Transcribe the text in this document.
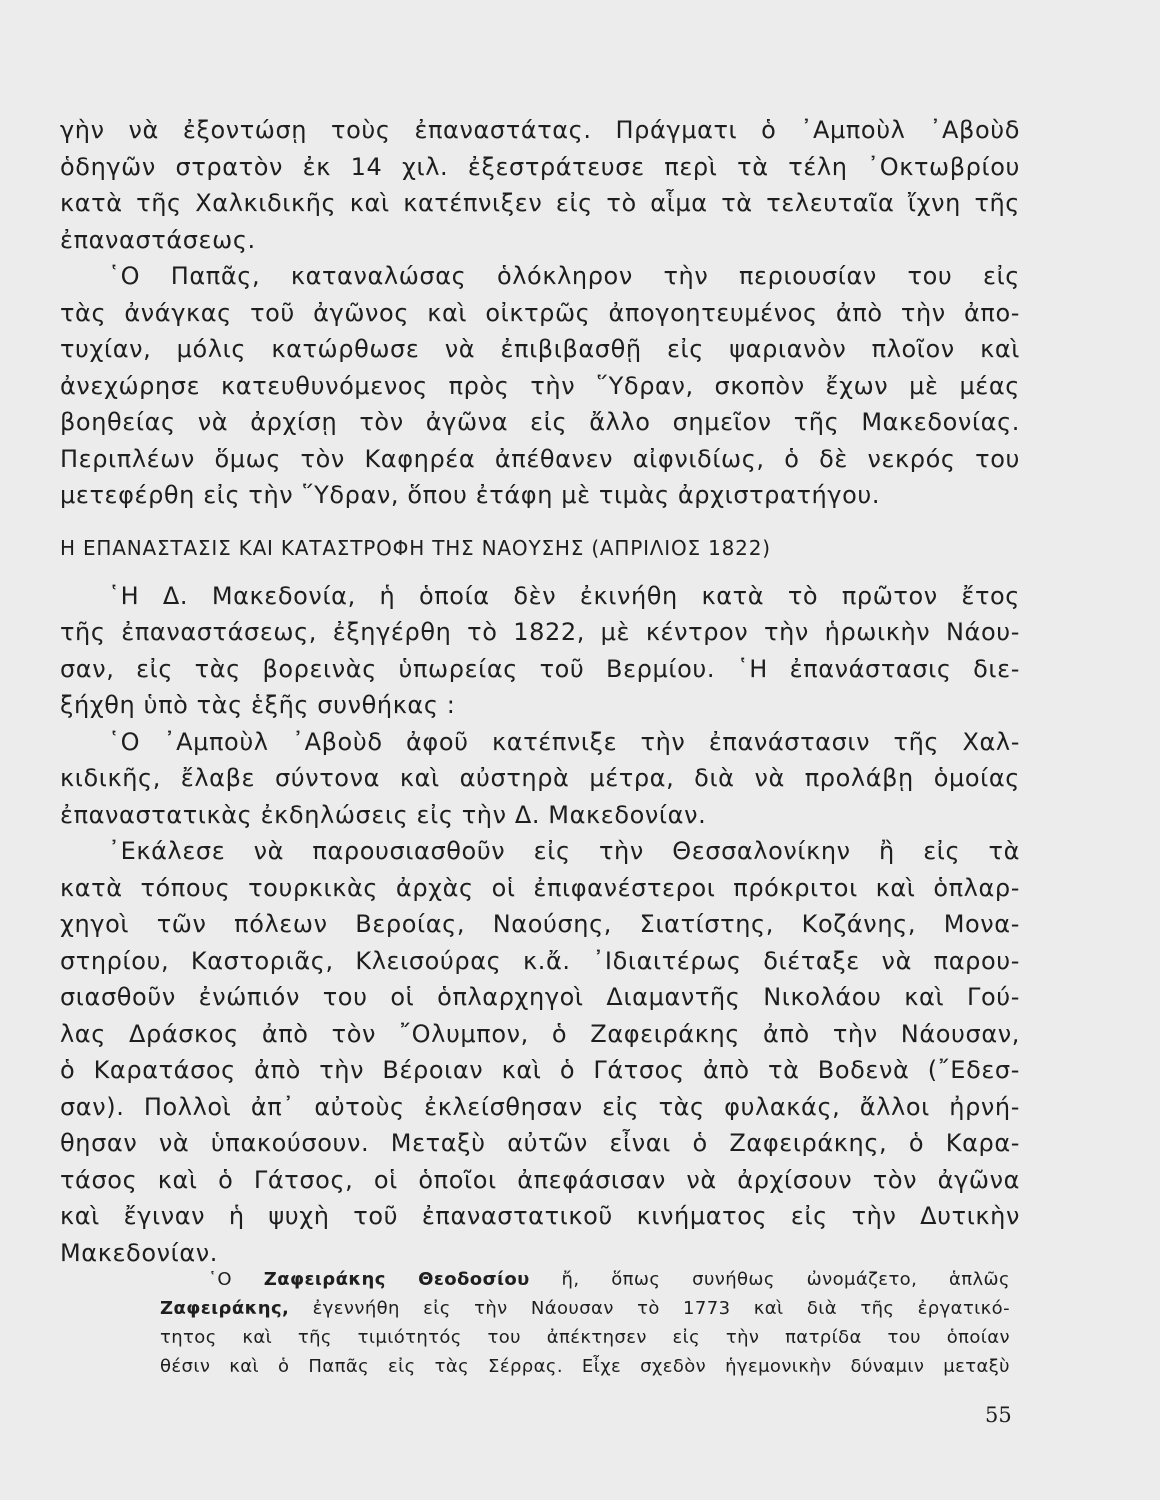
γὴν νὰ ἐξοντώσῃ τοὺς ἐπαναστάτας. Πράγματι ὁ ᾿Αμποὺλ ᾿Αβοὺδ
ὁδηγῶν στρατὸν ἐκ 14 χιλ. ἐξεστράτευσε περὶ τὰ τέλη ᾿Οκτωβρίου
κατὰ τῆς Χαλκιδικῆς καὶ κατέπνιξεν εἰς τὸ αἷμα τὰ τελευταῖα ἴχνη τῆς
ἐπαναστάσεως.
῾Ο Παπᾶς, καταναλώσας ὁλόκληρον τὴν περιουσίαν του εἰς
τὰς ἀνάγκας τοῦ ἀγῶνος καὶ οἰκτρῶς ἀπογοητευμένος ἀπὸ τὴν ἀπο-
τυχίαν, μόλις κατώρθωσε νὰ ἐπιβιβασθῇ εἰς ψαριανὸν πλοῖον καὶ
ἀνεχώρησε κατευθυνόμενος πρὸς τὴν ῞Υδραν, σκοπὸν ἔχων μὲ μέας
βοηθείας νὰ ἀρχίσῃ τὸν ἀγῶνα εἰς ἄλλο σημεῖον τῆς Μακεδονίας.
Περιπλέων ὅμως τὸν Καφηρέα ἀπέθανεν αἰφνιδίως, ὁ δὲ νεκρός του
μετεφέρθη εἰς τὴν ῞Υδραν, ὅπου ἐτάφη μὲ τιμὰς ἀρχιστρατήγου.
Η ΕΠΑΝΑΣΤΑΣΙΣ ΚΑΙ ΚΑΤΑΣΤΡΟΦΗ ΤΗΣ ΝΑΟΥΣΗΣ (ΑΠΡΙΛΙΟΣ 1822)
῾Η Δ. Μακεδονία, ἡ ὁποία δὲν ἐκινήθη κατὰ τὸ πρῶτον ἔτος
τῆς ἐπαναστάσεως, ἐξηγέρθη τὸ 1822, μὲ κέντρον τὴν ἡρωικὴν Νάου-
σαν, εἰς τὰς βορεινὰς ὑπωρείας τοῦ Βερμίου. ῾Η ἐπανάστασις διε-
ξήχθη ὑπὸ τὰς ἑξῆς συνθήκας :
῾Ο ᾿Αμποὺλ ᾿Αβοὺδ ἀφοῦ κατέπνιξε τὴν ἐπανάστασιν τῆς Χαλ-
κιδικῆς, ἔλαβε σύντονα καὶ αὐστηρὰ μέτρα, διὰ νὰ προλάβῃ ὁμοίας
ἐπαναστατικὰς ἐκδηλώσεις εἰς τὴν Δ. Μακεδονίαν.
᾿Εκάλεσε νὰ παρουσιασθοῦν εἰς τὴν Θεσσαλονίκην ἢ εἰς τὰ
κατὰ τόπους τουρκικὰς ἀρχὰς οἱ ἐπιφανέστεροι πρόκριτοι καὶ ὁπλαρ-
χηγοὶ τῶν πόλεων Βεροίας, Ναούσης, Σιατίστης, Κοζάνης, Μονα-
στηρίου, Καστοριᾶς, Κλεισούρας κ.ἄ. ᾿Ιδιαιτέρως διέταξε νὰ παρου-
σιασθοῦν ἐνώπιόν του οἱ ὁπλαρχηγοὶ Διαμαντῆς Νικολάου καὶ Γού-
λας Δράσκος ἀπὸ τὸν ῎Ολυμπον, ὁ Ζαφειράκης ἀπὸ τὴν Νάουσαν,
ὁ Καρατάσος ἀπὸ τὴν Βέροιαν καὶ ὁ Γάτσος ἀπὸ τὰ Βοδενὰ (῎Εδεσ-
σαν). Πολλοὶ ἀπ᾿ αὐτοὺς ἐκλείσθησαν εἰς τὰς φυλακάς, ἄλλοι ἠρνή-
θησαν νὰ ὑπακούσουν. Μεταξὺ αὐτῶν εἶναι ὁ Ζαφειράκης, ὁ Καρα-
τάσος καὶ ὁ Γάτσος, οἱ ὁποῖοι ἀπεφάσισαν νὰ ἀρχίσουν τὸν ἀγῶνα
καὶ ἔγιναν ἡ ψυχὴ τοῦ ἐπαναστατικοῦ κινήματος εἰς τὴν Δυτικὴν
Μακεδονίαν.
῾Ο Ζαφειράκης Θεοδοσίου ἤ, ὅπως συνήθως ὠνομάζετο, ἁπλῶς
Ζαφειράκης, ἐγεννήθη εἰς τὴν Νάουσαν τὸ 1773 καὶ διὰ τῆς ἐργατικό-
τητος καὶ τῆς τιμιότητός του ἀπέκτησεν εἰς τὴν πατρίδα του ὁποίαν
θέσιν καὶ ὁ Παπᾶς εἰς τὰς Σέρρας. Εἶχε σχεδὸν ἡγεμονικὴν δύναμιν μεταξὺ
55
